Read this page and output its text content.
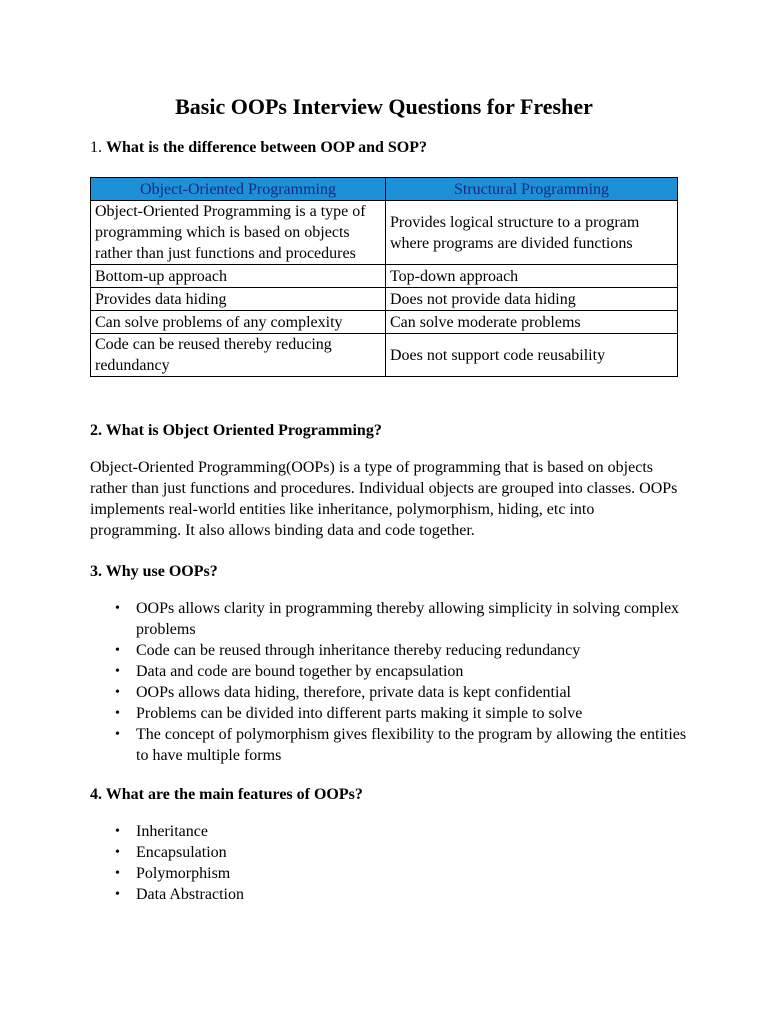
Basic OOPs Interview Questions for Fresher
1. What is the difference between OOP and SOP?
Object-Oriented Programming	Structural Programming
Object-Oriented Programming is a type of programming which is based on objects rather than just functions and procedures	Provides logical structure to a program where programs are divided functions
Bottom-up approach	Top-down approach
Provides data hiding	Does not provide data hiding
Can solve problems of any complexity	Can solve moderate problems
Code can be reused thereby reducing redundancy	Does not support code reusability
2. What is Object Oriented Programming?
Object-Oriented Programming(OOPs) is a type of programming that is based on objects rather than just functions and procedures. Individual objects are grouped into classes. OOPs implements real-world entities like inheritance, polymorphism, hiding, etc into programming. It also allows binding data and code together.
3. Why use OOPs?
• OOPs allows clarity in programming thereby allowing simplicity in solving complex problems
• Code can be reused through inheritance thereby reducing redundancy
• Data and code are bound together by encapsulation
• OOPs allows data hiding, therefore, private data is kept confidential
• Problems can be divided into different parts making it simple to solve
• The concept of polymorphism gives flexibility to the program by allowing the entities to have multiple forms
4. What are the main features of OOPs?
• Inheritance
• Encapsulation
• Polymorphism
• Data Abstraction
